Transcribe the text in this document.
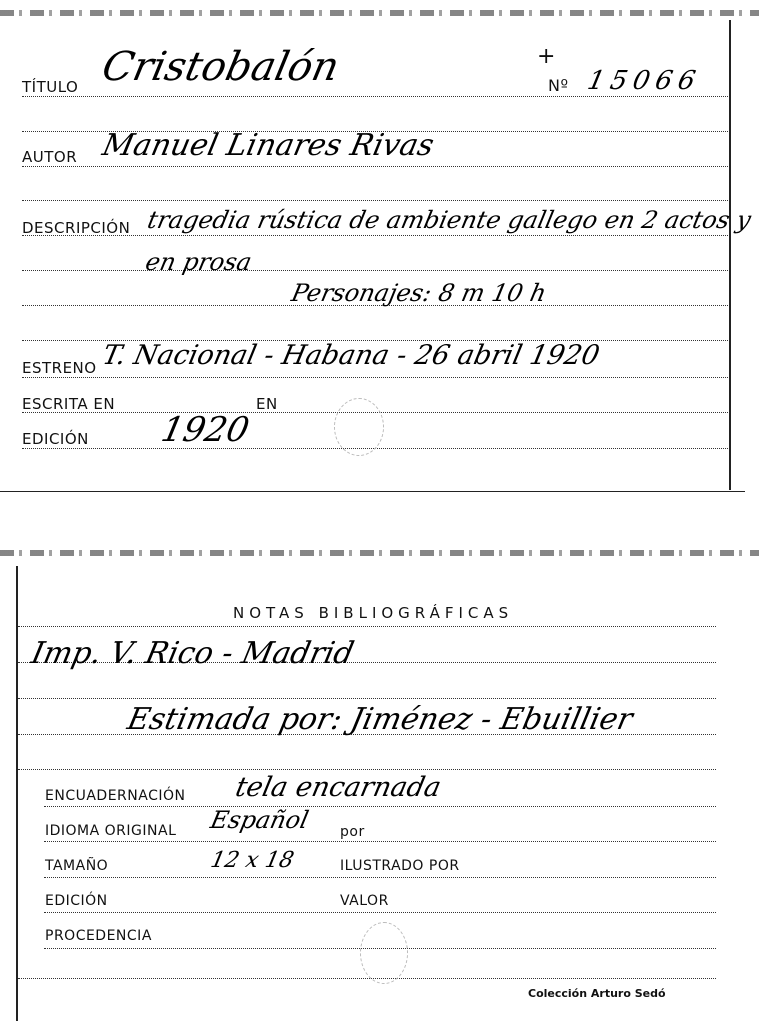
TÍTULO Cristobalón	+
Nº 15066
AUTOR Manuel Linares Rivas
DESCRIPCIÓN tragedia rústica de ambiente gallego en 2 actos y
en prosa
Personajes: 8 m 10 h
ESTRENO T. Nacional - Habana - 26 abril 1920
ESCRITA EN	EN
EDICIÓN 1920
NOTAS BIBLIOGRÁFICAS
Imp. V. Rico - Madrid
Estimada por: Jiménez - Ebuillier
ENCUADERNACIÓN tela encarnada
IDIOMA ORIGINAL Español por
TAMAÑO	12 x 18	ILUSTRADO POR
EDICIÓN	VALOR
PROCEDENCIA
Colección Arturo Sedó
